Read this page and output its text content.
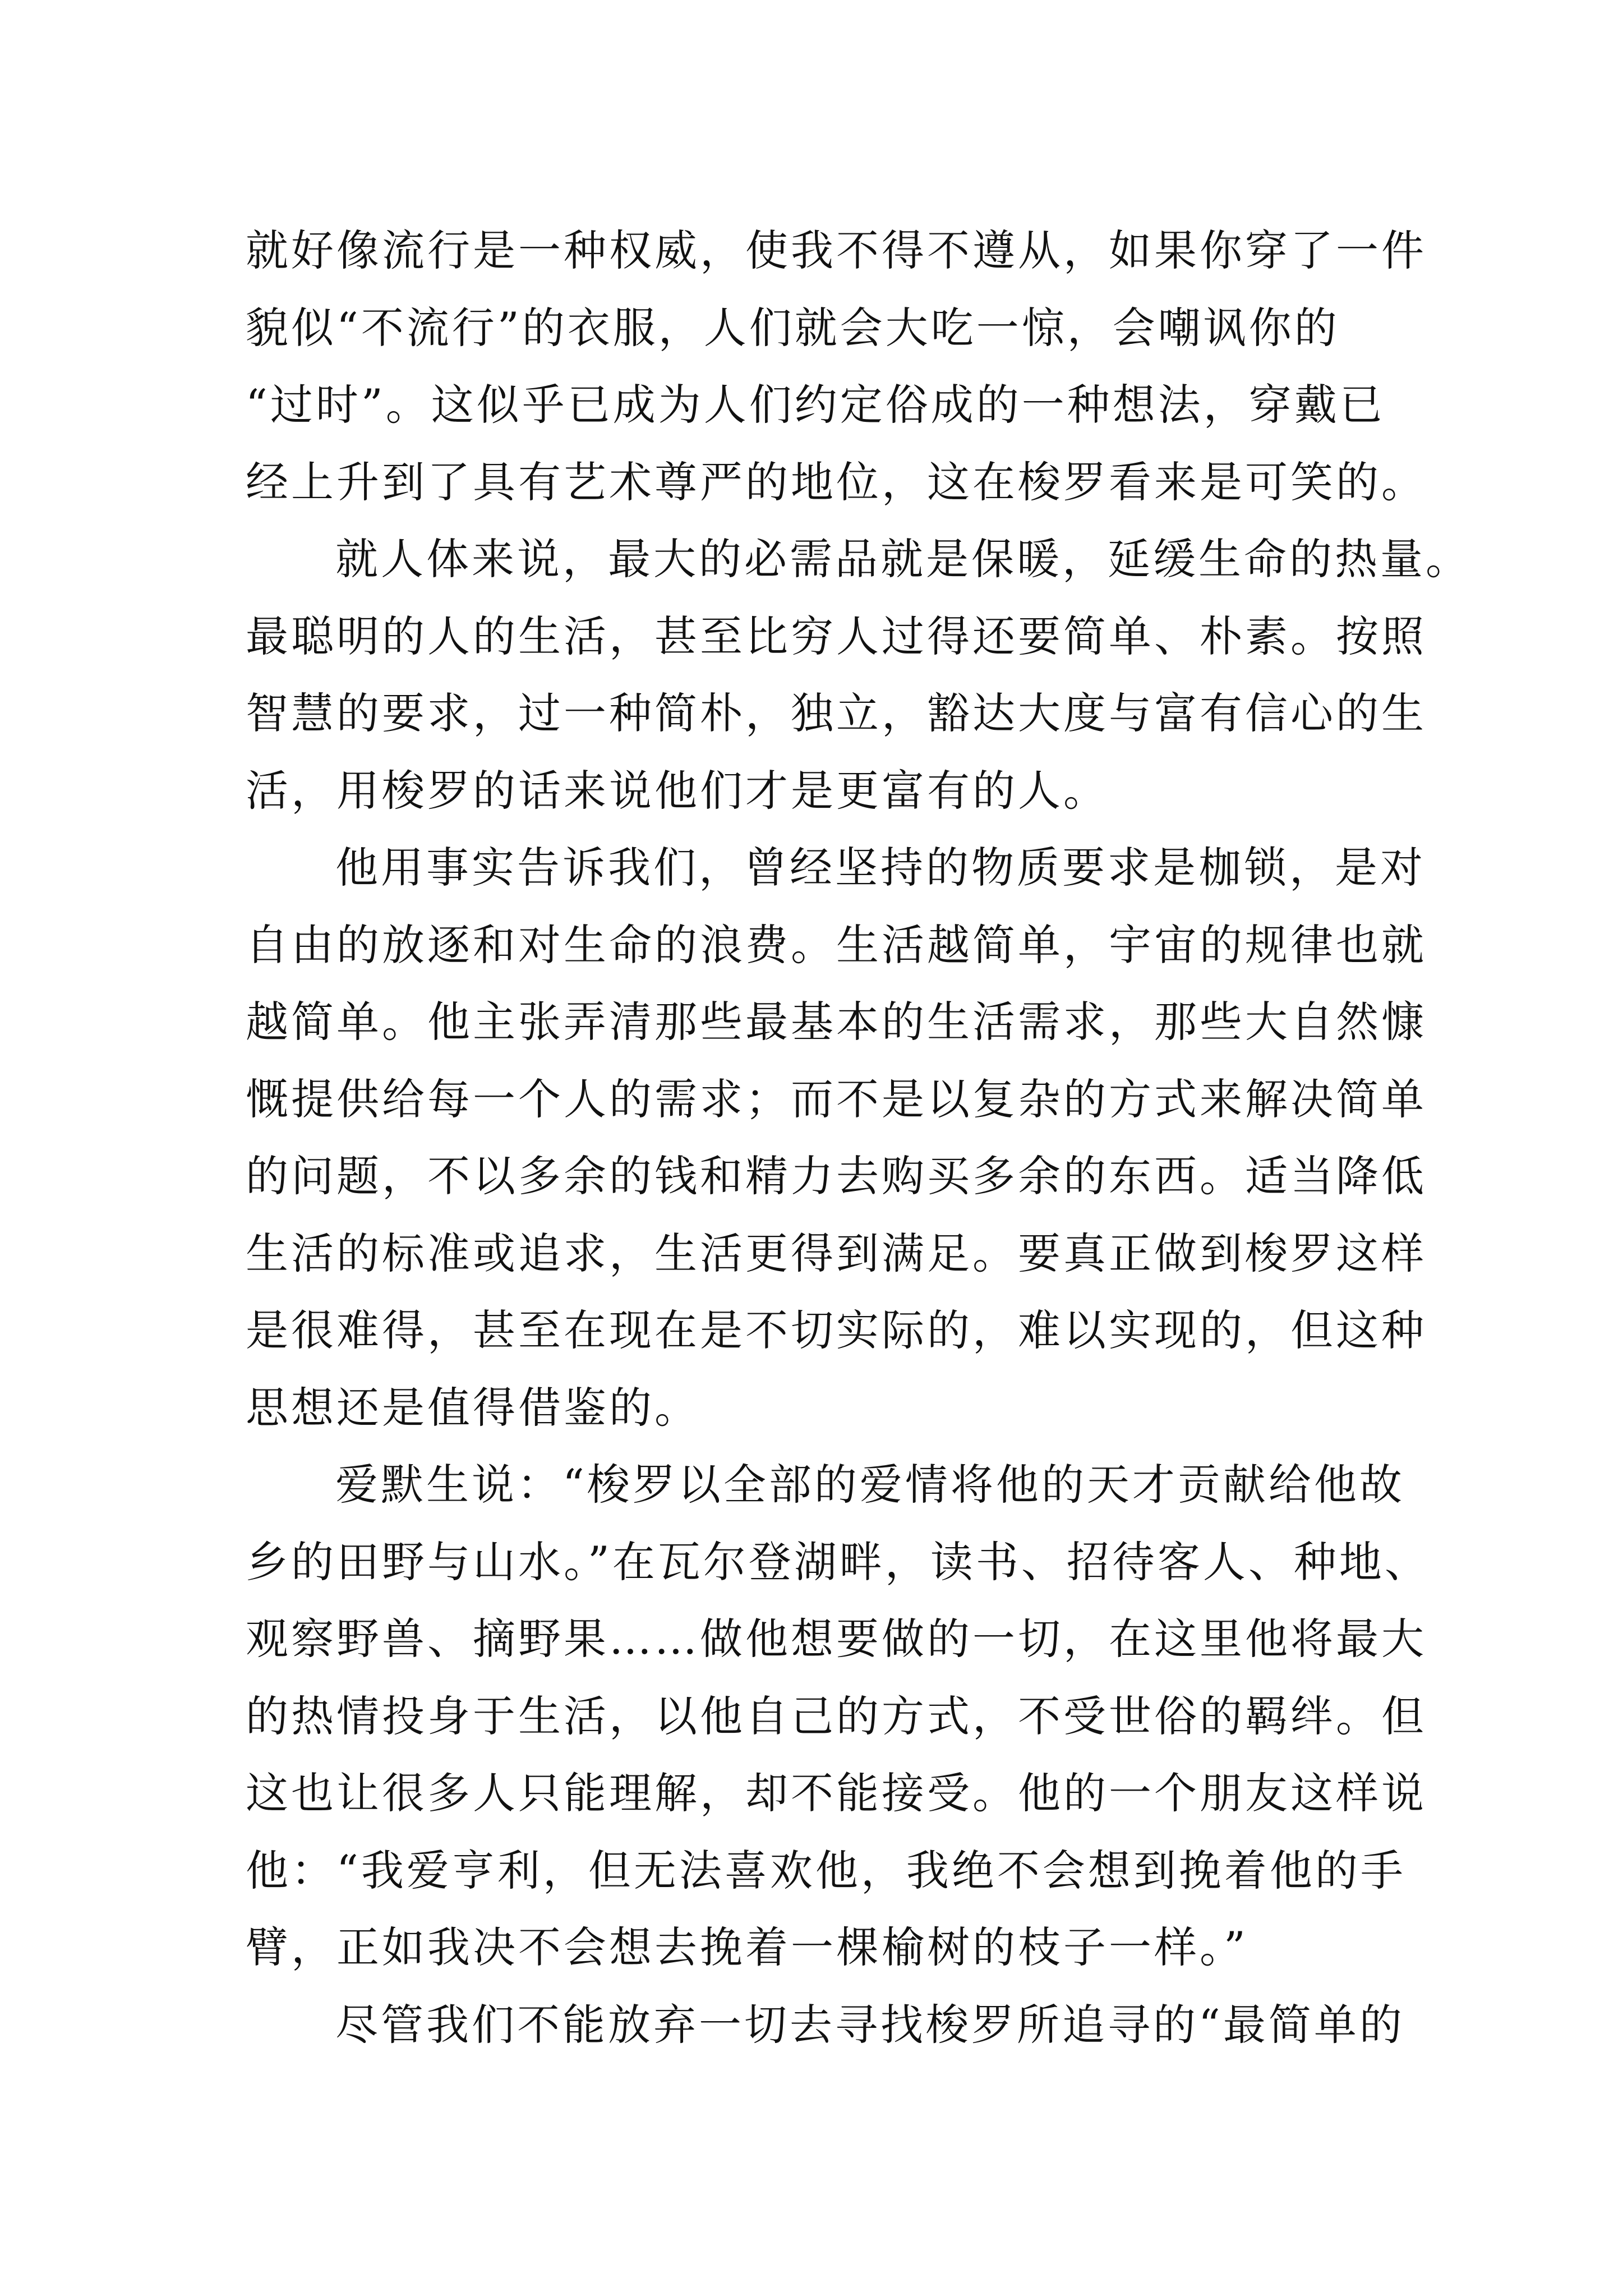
就好像流行是一种权威，使我不得不遵从，如果你穿了一件
貌似“不流行”的衣服，人们就会大吃一惊，会嘲讽你的
“过时”。这似乎已成为人们约定俗成的一种想法，穿戴已
经上升到了具有艺术尊严的地位，这在梭罗看来是可笑的。
就人体来说，最大的必需品就是保暖，延缓生命的热量。
最聪明的人的生活，甚至比穷人过得还要简单、朴素。按照
智慧的要求，过一种简朴，独立，豁达大度与富有信心的生
活，用梭罗的话来说他们才是更富有的人。
他用事实告诉我们，曾经坚持的物质要求是枷锁，是对
自由的放逐和对生命的浪费。生活越简单，宇宙的规律也就
越简单。他主张弄清那些最基本的生活需求，那些大自然慷
慨提供给每一个人的需求；而不是以复杂的方式来解决简单
的问题，不以多余的钱和精力去购买多余的东西。适当降低
生活的标准或追求，生活更得到满足。要真正做到梭罗这样
是很难得，甚至在现在是不切实际的，难以实现的，但这种
思想还是值得借鉴的。
爱默生说：“梭罗以全部的爱情将他的天才贡献给他故
乡的田野与山水。”在瓦尔登湖畔，读书、招待客人、种地、
观察野兽、摘野果……做他想要做的一切，在这里他将最大
的热情投身于生活，以他自己的方式，不受世俗的羁绊。但
这也让很多人只能理解，却不能接受。他的一个朋友这样说
他：“我爱亨利，但无法喜欢他，我绝不会想到挽着他的手
臂，正如我决不会想去挽着一棵榆树的枝子一样。”
尽管我们不能放弃一切去寻找梭罗所追寻的“最简单的
